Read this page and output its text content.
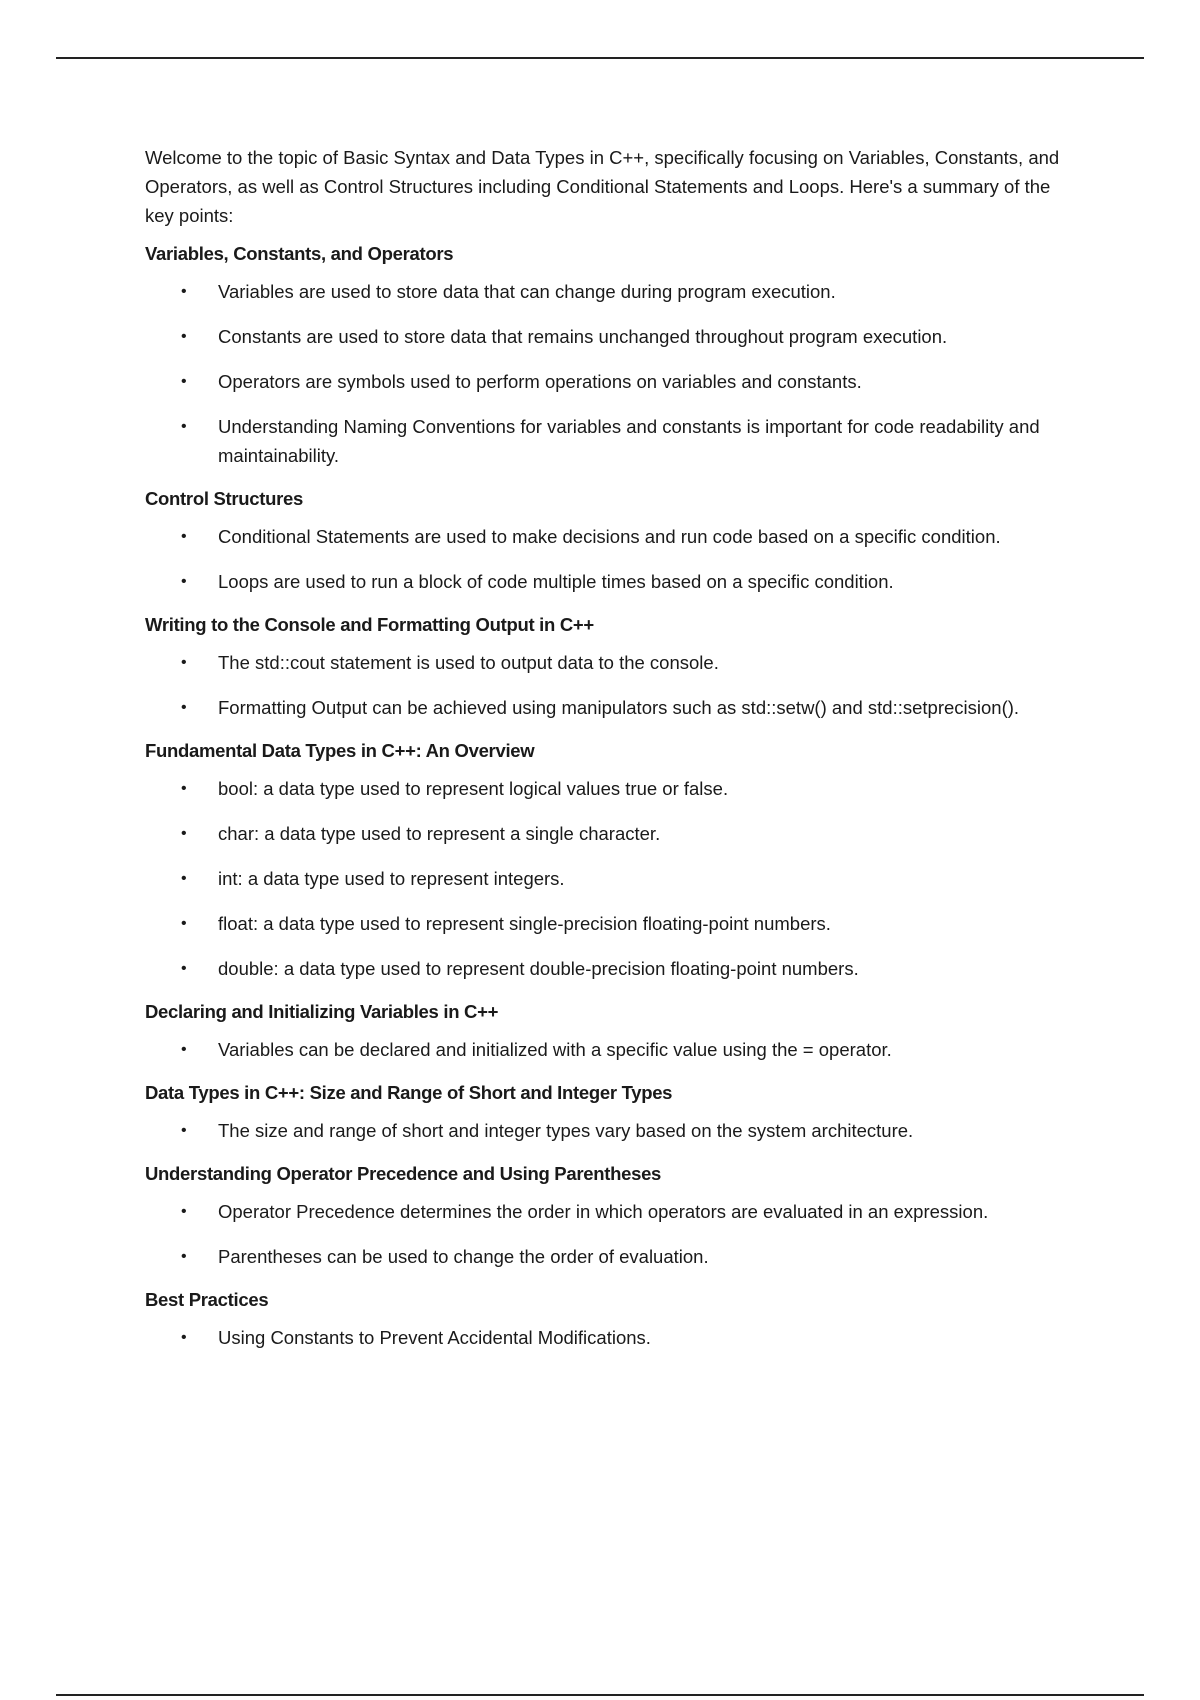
Welcome to the topic of Basic Syntax and Data Types in C++, specifically focusing on Variables, Constants, and Operators, as well as Control Structures including Conditional Statements and Loops. Here's a summary of the key points:

Variables, Constants, and Operators
• Variables are used to store data that can change during program execution.
• Constants are used to store data that remains unchanged throughout program execution.
• Operators are symbols used to perform operations on variables and constants.
• Understanding Naming Conventions for variables and constants is important for code readability and maintainability.
Control Structures
• Conditional Statements are used to make decisions and run code based on a specific condition.
• Loops are used to run a block of code multiple times based on a specific condition.
Writing to the Console and Formatting Output in C++
• The std::cout statement is used to output data to the console.
• Formatting Output can be achieved using manipulators such as std::setw() and std::setprecision().
Fundamental Data Types in C++: An Overview
• bool: a data type used to represent logical values true or false.
• char: a data type used to represent a single character.
• int: a data type used to represent integers.
• float: a data type used to represent single-precision floating-point numbers.
• double: a data type used to represent double-precision floating-point numbers.
Declaring and Initializing Variables in C++
• Variables can be declared and initialized with a specific value using the = operator.
Data Types in C++: Size and Range of Short and Integer Types
• The size and range of short and integer types vary based on the system architecture.
Understanding Operator Precedence and Using Parentheses
• Operator Precedence determines the order in which operators are evaluated in an expression.
• Parentheses can be used to change the order of evaluation.
Best Practices
• Using Constants to Prevent Accidental Modifications.
